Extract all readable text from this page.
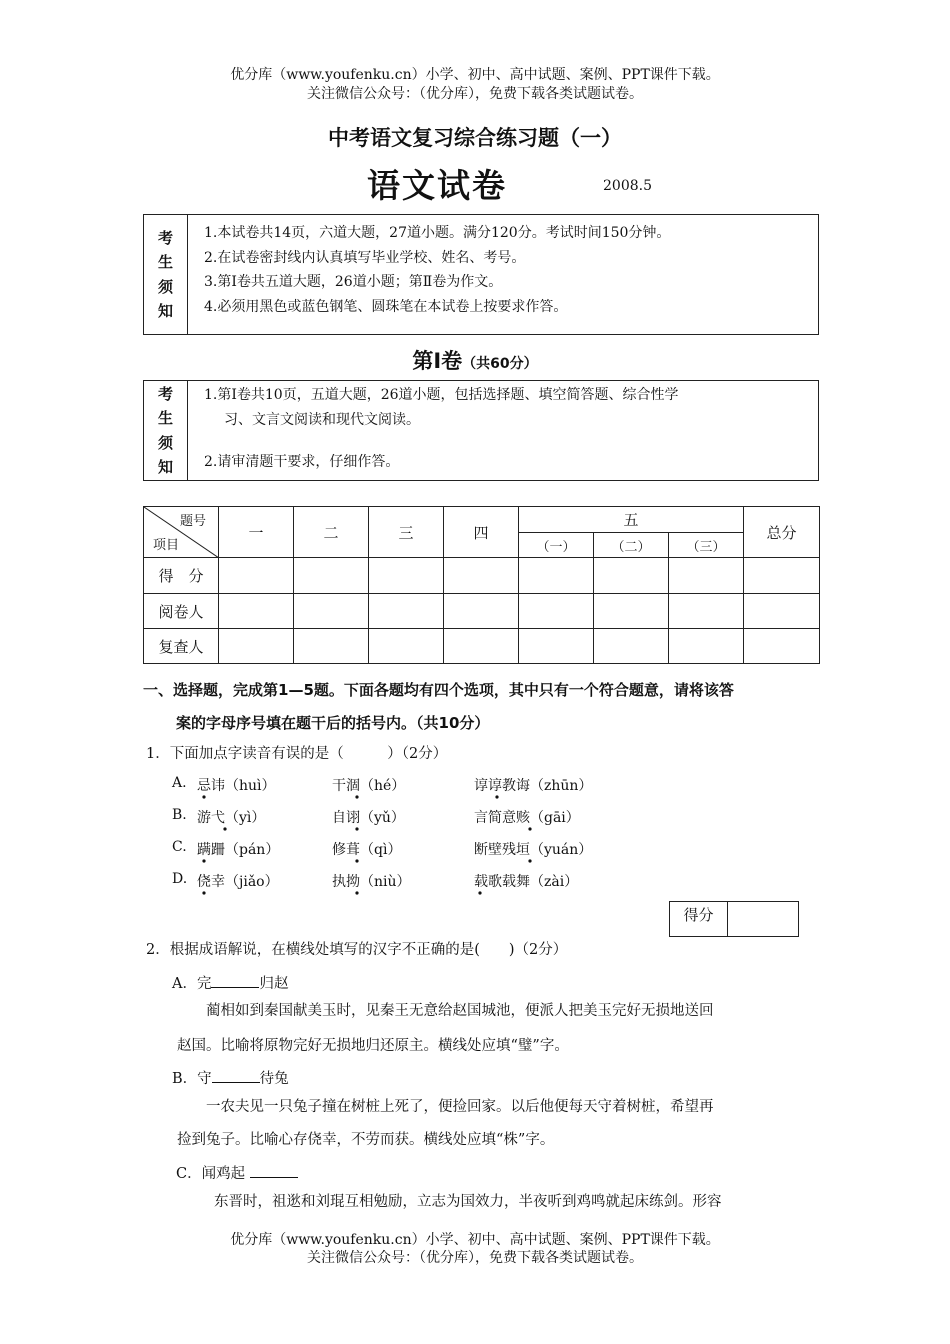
优分库（www.youfenku.cn）小学、初中、高中试题、案例、PPT课件下载。
关注微信公众号：（优分库），免费下载各类试题试卷。
中考语文复习综合练习题（一）
语文试卷	2008.5
考
生
须
知
1.本试卷共14页，六道大题，27道小题。满分120分。考试时间150分钟。
2.在试卷密封线内认真填写毕业学校、姓名、考号。
3.第Ⅰ卷共五道大题，26道小题；第Ⅱ卷为作文。
4.必须用黑色或蓝色钢笔、圆珠笔在本试卷上按要求作答。
第Ⅰ卷（共60分）
考
生
须
知
1.第Ⅰ卷共10页，五道大题，26道小题，包括选择题、填空简答题、综合性学
习、文言文阅读和现代文阅读。
2.请审清题干要求，仔细作答。
题号
项目	一	二	三	四	五			总分
					（一）	（二）	（三）	
得　分								
阅卷人								
复查人								
一、选择题，完成第1—5题。下面各题均有四个选项，其中只有一个符合题意，请将该答
案的字母序号填在题干后的括号内。（共10分）
1．下面加点字读音有误的是（　　　）（2分）
A. 忌讳（huì）	干涸（hé）	谆谆教诲（zhūn）
B. 游弋（yì）	自诩（yǔ）	言简意赅（gāi）
C. 蹒跚（pán）	修葺（qì）	断壁残垣（yuán）
D. 侥幸（jiǎo）	执拗（niù）	载歌载舞（zài）
得分
2．根据成语解说，在横线处填写的汉字不正确的是(　　)（2分）
A．完	归赵
蔺相如到秦国献美玉时，见秦王无意给赵国城池，便派人把美玉完好无损地送回
赵国。比喻将原物完好无损地归还原主。横线处应填“璧”字。
B．守	待兔
一农夫见一只兔子撞在树桩上死了，便捡回家。以后他便每天守着树桩，希望再
捡到兔子。比喻心存侥幸，不劳而获。横线处应填“株”字。
C．闻鸡起
东晋时，祖逖和刘琨互相勉励，立志为国效力，半夜听到鸡鸣就起床练剑。形容
优分库（www.youfenku.cn）小学、初中、高中试题、案例、PPT课件下载。
关注微信公众号：（优分库），免费下载各类试题试卷。
